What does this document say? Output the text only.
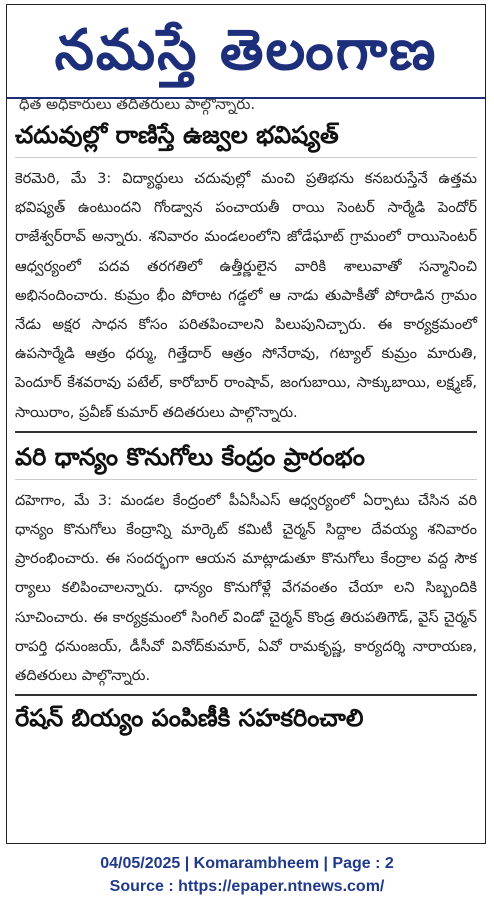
నమస్తే తెలంగాణ
ధిత అధికారులు తదితరులు పాల్గొన్నారు.
చదువుల్లో రాణిస్తే ఉజ్వల భవిష్యత్
కెరమెరి, మే 3: విద్యార్థులు చదువుల్లో మంచి ప్రతిభను కనబరుస్తేనే ఉత్తమ భవిష్యత్ ఉంటుందని గోండ్వాన పంచాయతీ రాయి సెంటర్ సార్మేడి పెందోర్ రాజేశ్వర్‌రావ్ అన్నారు. శనివారం మండలంలోని జోడేఘాట్ గ్రామంలో రాయిసెంటర్ ఆధ్వర్యంలో పదవ తరగతిలో ఉత్తీర్ణులైన వారికి శాలువాతో సన్మానించి అభినందించారు. కుమ్రం భీం పోరాట గడ్డలో ఆ నాడు తుపాకీతో పోరాడిన గ్రామం నేడు అక్షర సాధన కోసం పరితపించాలని పిలుపునిచ్చారు. ఈ కార్యక్రమంలో ఉపసార్మేడి ఆత్రం ధర్ము, గిత్తేదార్ ఆత్రం సోనేరావు, గట్యాల్ కుమ్రం మారుతి, పెందూర్ కేశవరావు పటేల్, కారోబార్ రాంషావ్, జంగుబాయి, సాక్కుబాయి, లక్ష్మణ్, సాయిరాం, ప్రవీణ్ కుమార్ తదితరులు పాల్గొన్నారు.
వరి ధాన్యం కొనుగోలు కేంద్రం ప్రారంభం
దహెగాం, మే 3: మండల కేంద్రంలో పీఏసీఎస్ ఆధ్వర్యంలో ఏర్పాటు చేసిన వరి ధాన్యం కొనుగోలు కేంద్రాన్ని మార్కెట్ కమిటీ చైర్మన్ సిద్దాల దేవయ్య శనివారం ప్రారంభించారు. ఈ సందర్భంగా ఆయన మాట్లాడుతూ కొనుగోలు కేంద్రాల వద్ద సౌక ర్యాలు కలిపించాలన్నారు. ధాన్యం కొనుగోళ్లే వేగవంతం చేయా లని సిబ్బందికి సూచించారు. ఈ కార్యక్రమంలో సింగిల్ విండో చైర్మన్ కొండ్ర తిరుపతిగౌడ్, వైస్ చైర్మన్ రాపర్తి ధనుంజయ్, డీసీవో వినోద్‌కుమార్, ఏవో రామకృష్ణ, కార్యదర్శి నారాయణ, తదితరులు పాల్గొన్నారు.
రేషన్ బియ్యం పంపిణీకి సహకరించాలి
04/05/2025 | Komarambheem | Page : 2
Source : https://epaper.ntnews.com/
